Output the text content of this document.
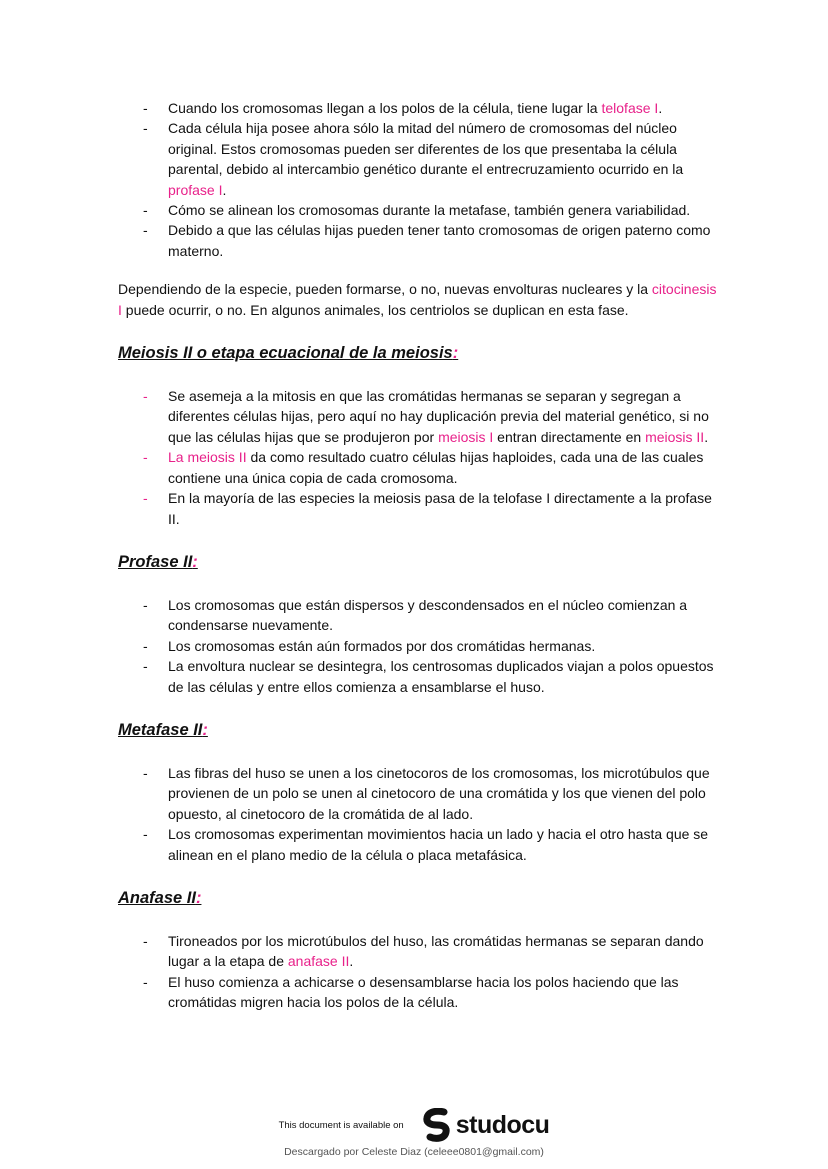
- Cuando los cromosomas llegan a los polos de la célula, tiene lugar la telofase I.
- Cada célula hija posee ahora sólo la mitad del número de cromosomas del núcleo original. Estos cromosomas pueden ser diferentes de los que presentaba la célula parental, debido al intercambio genético durante el entrecruzamiento ocurrido en la profase I.
- Cómo se alinean los cromosomas durante la metafase, también genera variabilidad.
- Debido a que las células hijas pueden tener tanto cromosomas de origen paterno como materno.

Dependiendo de la especie, pueden formarse, o no, nuevas envolturas nucleares y la citocinesis I puede ocurrir, o no. En algunos animales, los centriolos se duplican en esta fase.

Meiosis II o etapa ecuacional de la meiosis:
- Se asemeja a la mitosis en que las cromátidas hermanas se separan y segregan a diferentes células hijas, pero aquí no hay duplicación previa del material genético, si no que las células hijas que se produjeron por meiosis I entran directamente en meiosis II.
- La meiosis II da como resultado cuatro células hijas haploides, cada una de las cuales contiene una única copia de cada cromosoma.
- En la mayoría de las especies la meiosis pasa de la telofase I directamente a la profase II.
Profase II:
- Los cromosomas que están dispersos y descondensados en el núcleo comienzan a condensarse nuevamente.
- Los cromosomas están aún formados por dos cromátidas hermanas.
- La envoltura nuclear se desintegra, los centrosomas duplicados viajan a polos opuestos de las células y entre ellos comienza a ensamblarse el huso.
Metafase II:
- Las fibras del huso se unen a los cinetocoros de los cromosomas, los microtúbulos que provienen de un polo se unen al cinetocoro de una cromátida y los que vienen del polo opuesto, al cinetocoro de la cromátida de al lado.
- Los cromosomas experimentan movimientos hacia un lado y hacia el otro hasta que se alinean en el plano medio de la célula o placa metafásica.
Anafase II:
- Tironeados por los microtúbulos del huso, las cromátidas hermanas se separan dando lugar a la etapa de anafase II.
- El huso comienza a achicarse o desensamblarse hacia los polos haciendo que las cromátidas migren hacia los polos de la célula.
This document is available on studocu
Descargado por Celeste Diaz (celeee0801@gmail.com)
